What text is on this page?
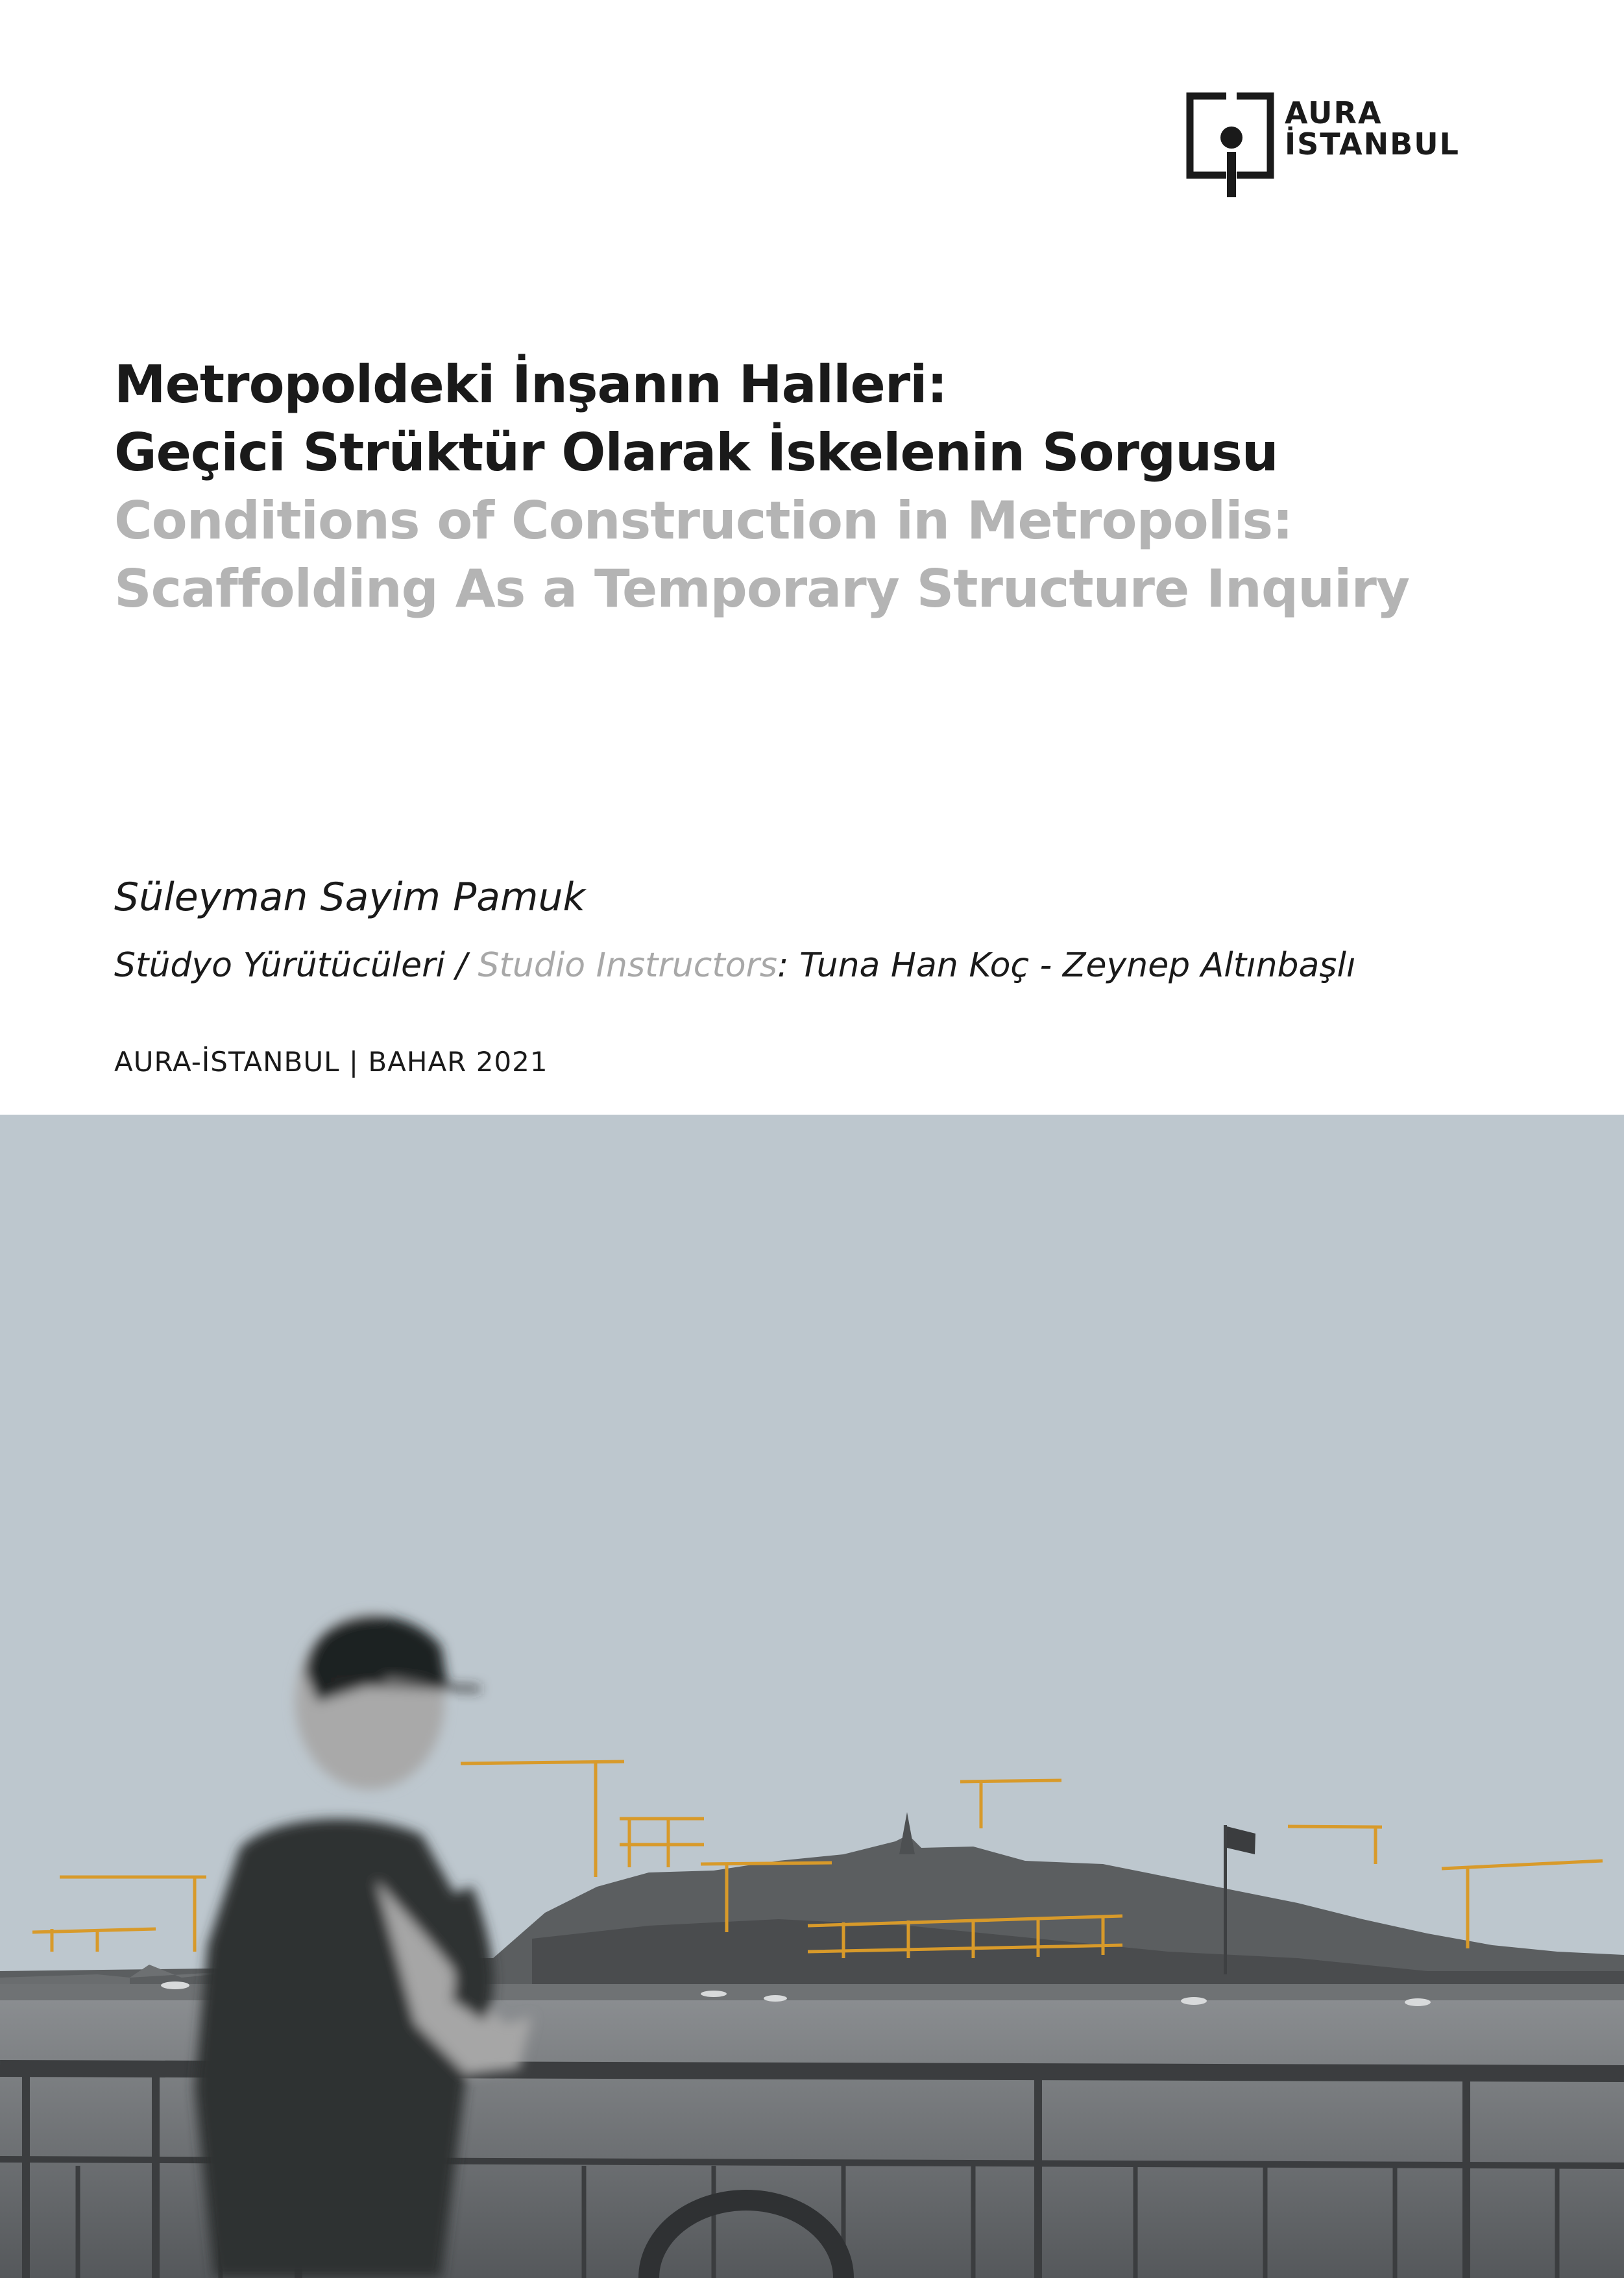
AURA
İSTANBUL
Metropoldeki İnşanın Halleri:
Geçici Strüktür Olarak İskelenin Sorgusu
Conditions of Construction in Metropolis:
Scaffolding As a Temporary Structure Inquiry
Süleyman Sayim Pamuk
Stüdyo Yürütücüleri / Studio Instructors: Tuna Han Koç - Zeynep Altınbaşlı
AURA-İSTANBUL | BAHAR 2021
